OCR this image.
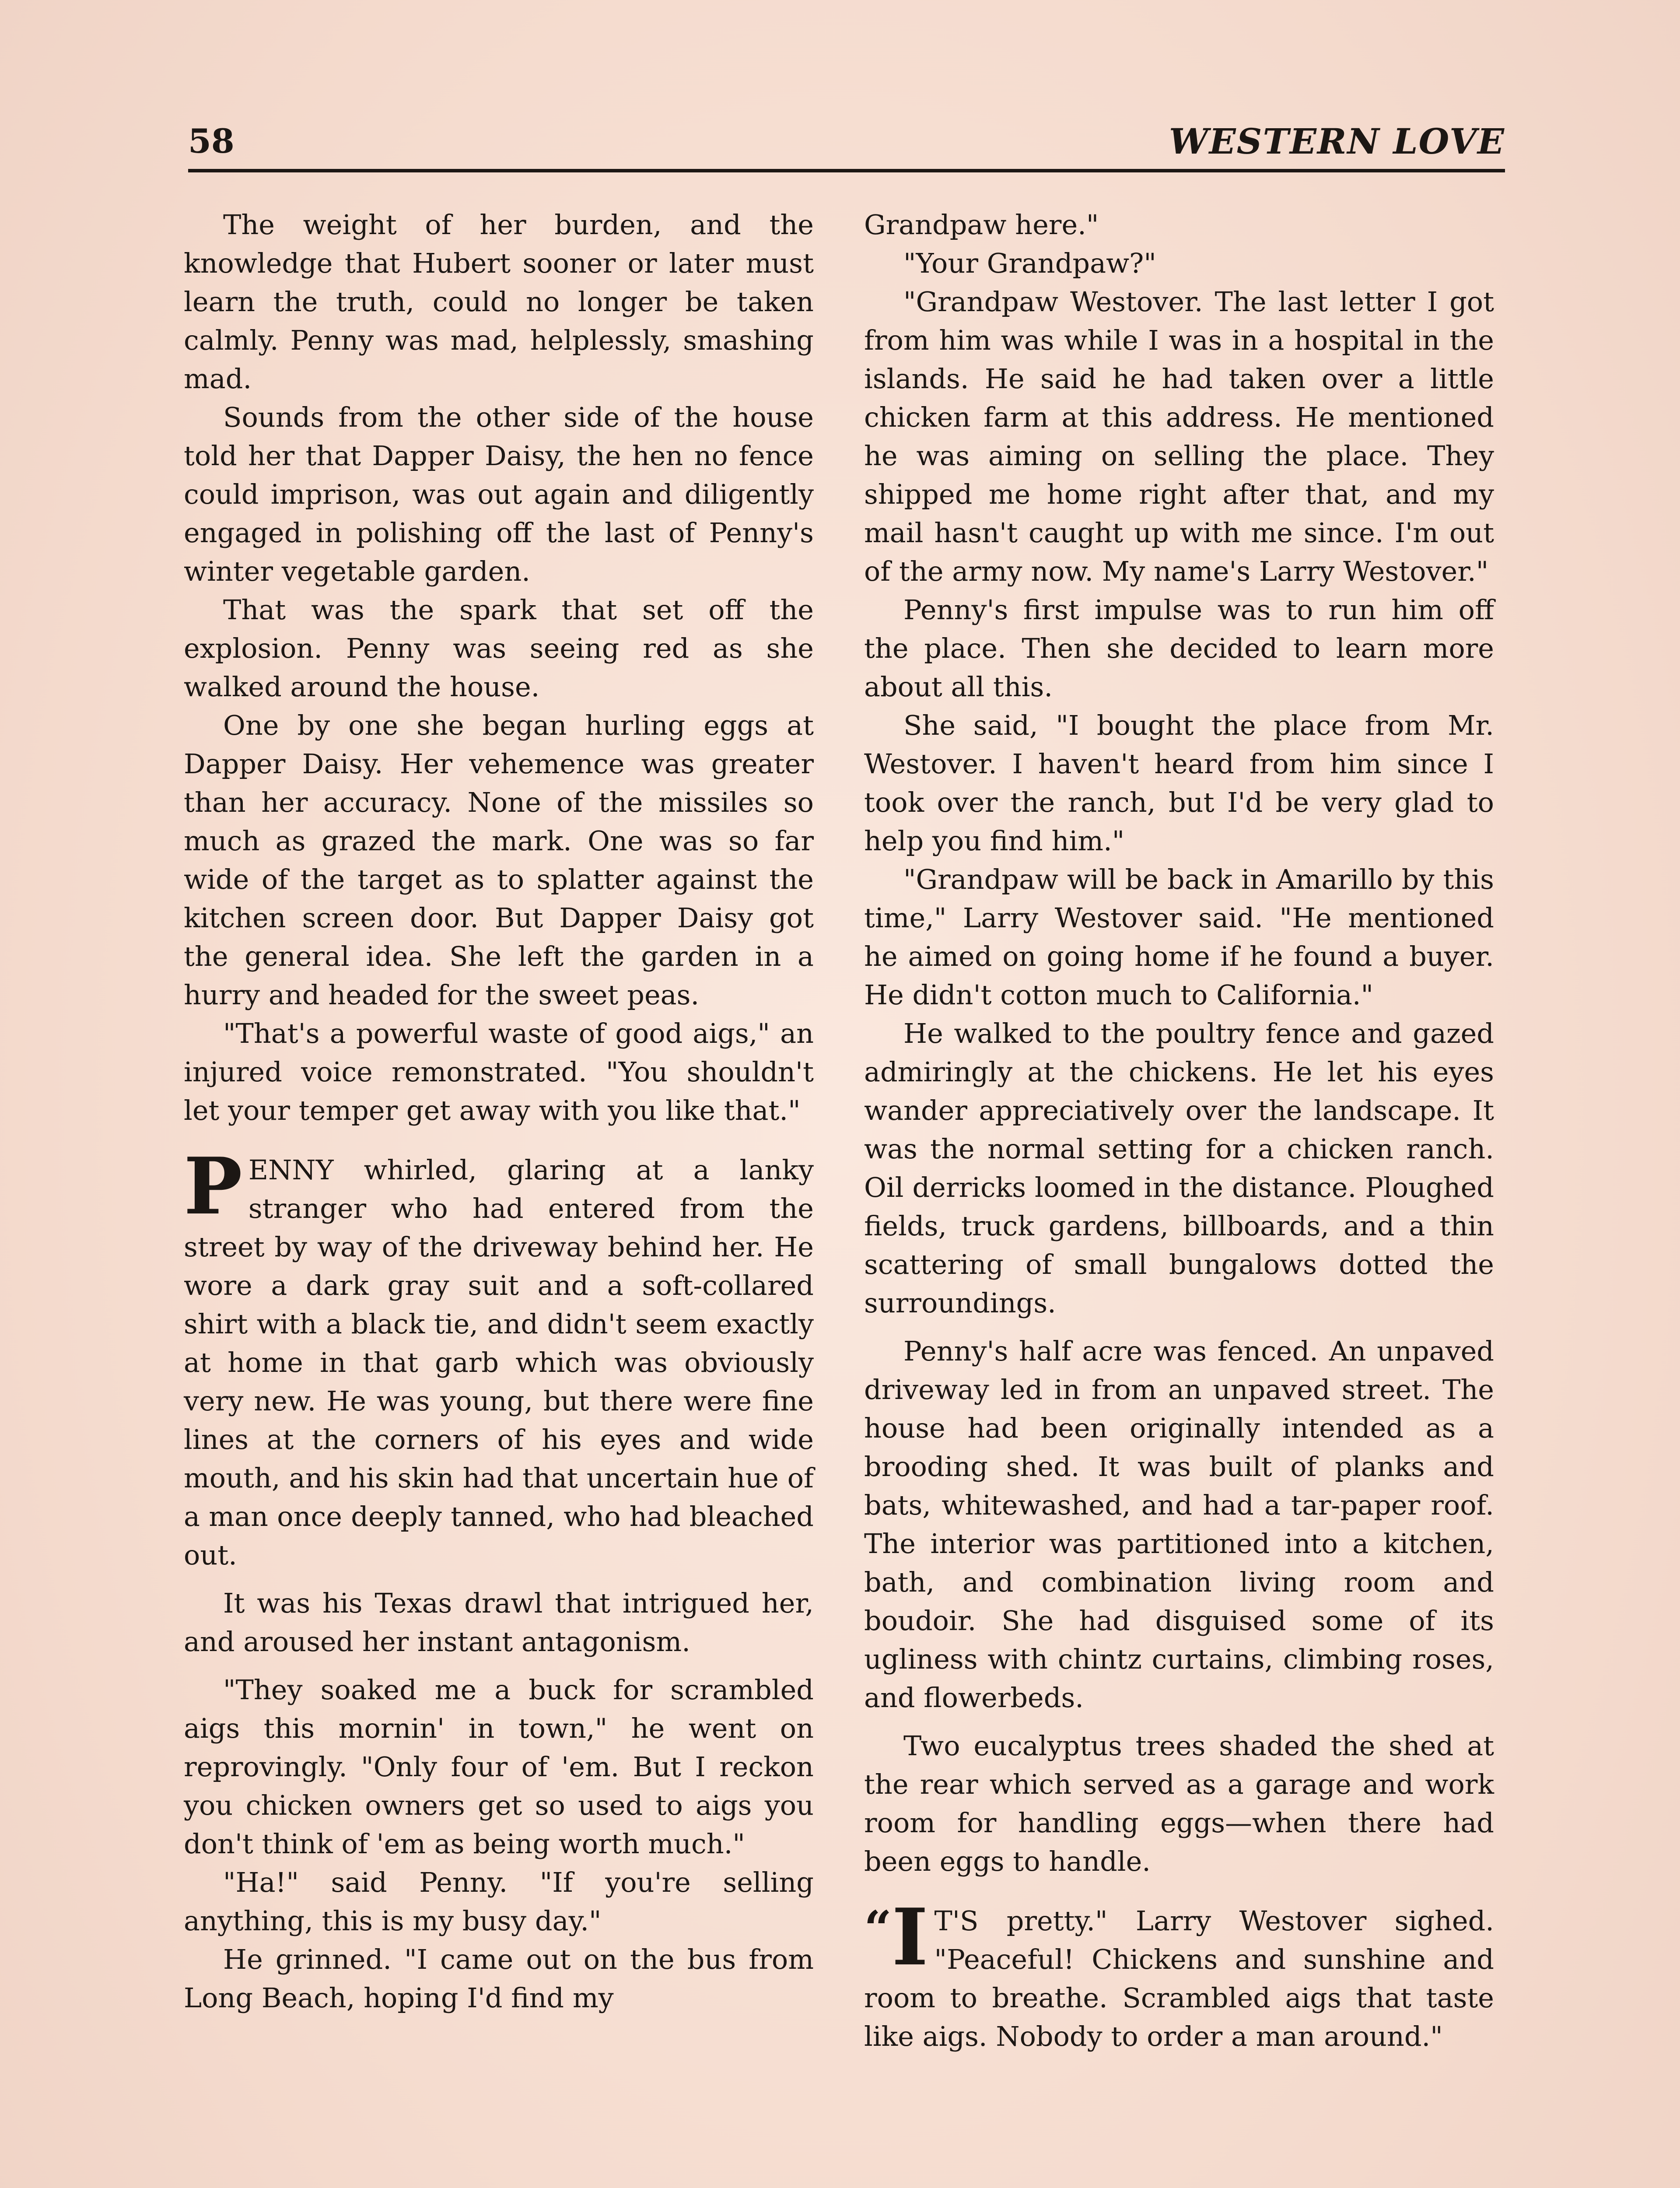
58	WESTERN LOVE

The weight of her burden, and the knowledge that Hubert sooner or later must learn the truth, could no longer be taken calmly. Penny was mad, helplessly, smashing mad.

Sounds from the other side of the house told her that Dapper Daisy, the hen no fence could imprison, was out again and diligently engaged in polishing off the last of Penny's winter vegetable garden.

That was the spark that set off the explosion. Penny was seeing red as she walked around the house.

One by one she began hurling eggs at Dapper Daisy. Her vehemence was greater than her accuracy. None of the missiles so much as grazed the mark. One was so far wide of the target as to splatter against the kitchen screen door. But Dapper Daisy got the general idea. She left the garden in a hurry and headed for the sweet peas.

"That's a powerful waste of good aigs," an injured voice remonstrated. "You shouldn't let your temper get away with you like that."

P ENNY whirled, glaring at a lanky stranger who had entered from the street by way of the driveway behind her. He wore a dark gray suit and a soft-collared shirt with a black tie, and didn't seem exactly at home in that garb which was obviously very new. He was young, but there were fine lines at the corners of his eyes and wide mouth, and his skin had that uncertain hue of a man once deeply tanned, who had bleached out.

It was his Texas drawl that intrigued her, and aroused her instant antagonism.

"They soaked me a buck for scrambled aigs this mornin' in town," he went on reprovingly. "Only four of 'em. But I reckon you chicken owners get so used to aigs you don't think of 'em as being worth much."

"Ha!" said Penny. "If you're selling anything, this is my busy day."

He grinned. "I came out on the bus from Long Beach, hoping I'd find my

Grandpaw here."

"Your Grandpaw?"

"Grandpaw Westover. The last letter I got from him was while I was in a hospital in the islands. He said he had taken over a little chicken farm at this address. He mentioned he was aiming on selling the place. They shipped me home right after that, and my mail hasn't caught up with me since. I'm out of the army now. My name's Larry Westover."

Penny's first impulse was to run him off the place. Then she decided to learn more about all this.

She said, "I bought the place from Mr. Westover. I haven't heard from him since I took over the ranch, but I'd be very glad to help you find him."

"Grandpaw will be back in Amarillo by this time," Larry Westover said. "He mentioned he aimed on going home if he found a buyer. He didn't cotton much to California."

He walked to the poultry fence and gazed admiringly at the chickens. He let his eyes wander appreciatively over the landscape. It was the normal setting for a chicken ranch. Oil derricks loomed in the distance. Ploughed fields, truck gardens, billboards, and a thin scattering of small bungalows dotted the surroundings.

Penny's half acre was fenced. An unpaved driveway led in from an unpaved street. The house had been originally intended as a brooding shed. It was built of planks and bats, whitewashed, and had a tar-paper roof. The interior was partitioned into a kitchen, bath, and combination living room and boudoir. She had disguised some of its ugliness with chintz curtains, climbing roses, and flowerbeds.

Two eucalyptus trees shaded the shed at the rear which served as a garage and work room for handling eggs—when there had been eggs to handle.

“ I T'S pretty." Larry Westover sighed. "Peaceful! Chickens and sunshine and room to breathe. Scrambled aigs that taste like aigs. Nobody to order a man around."
